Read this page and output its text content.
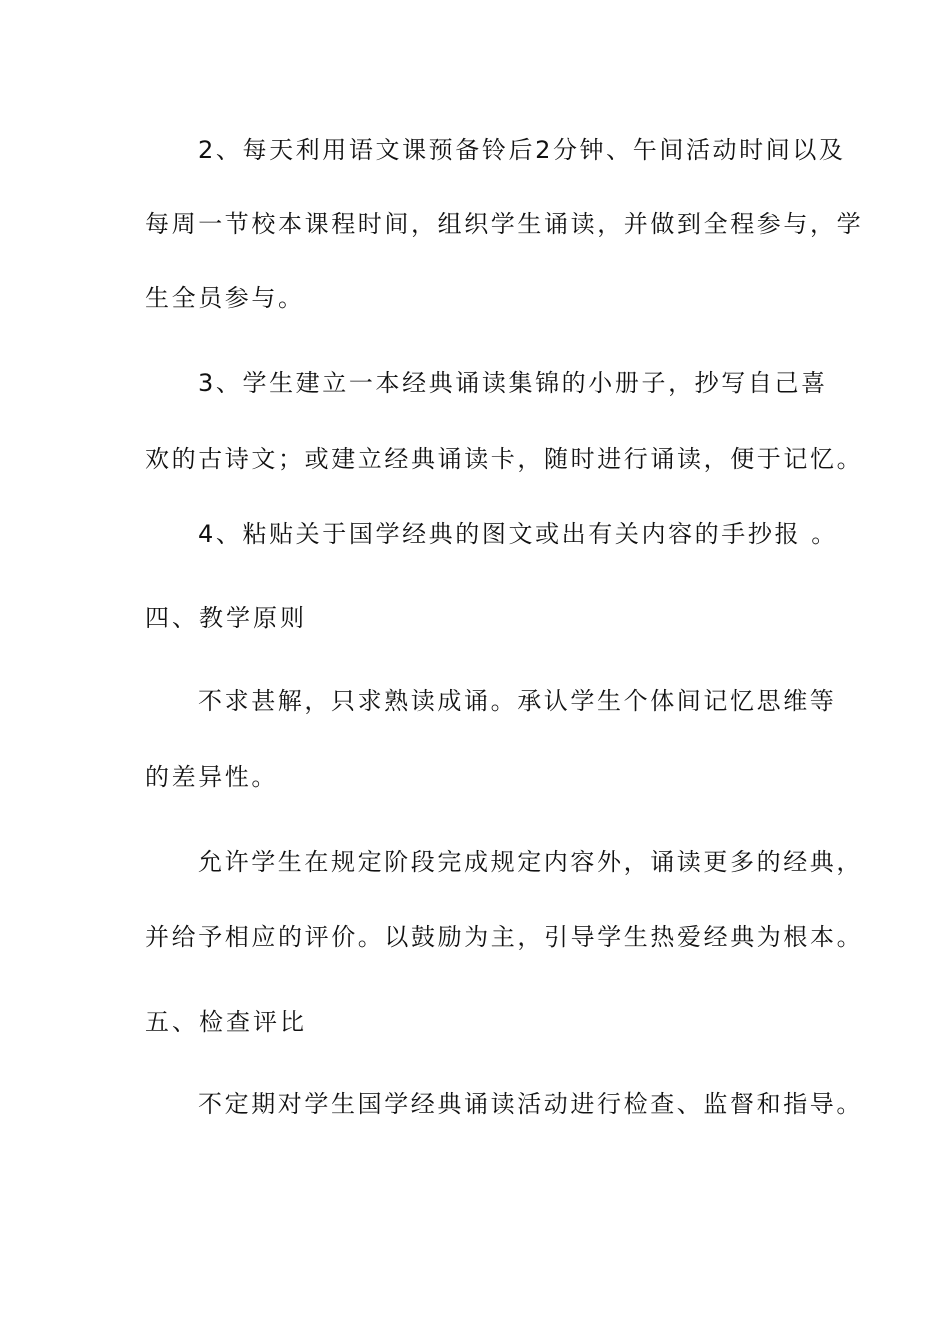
2、每天利用语文课预备铃后2分钟、午间活动时间以及
每周一节校本课程时间，组织学生诵读，并做到全程参与，学
生全员参与。
3、学生建立一本经典诵读集锦的小册子，抄写自己喜
欢的古诗文；或建立经典诵读卡，随时进行诵读，便于记忆。
4、粘贴关于国学经典的图文或出有关内容的手抄报 。
四、教学原则
不求甚解，只求熟读成诵。承认学生个体间记忆思维等
的差异性。
允许学生在规定阶段完成规定内容外，诵读更多的经典，
并给予相应的评价。以鼓励为主，引导学生热爱经典为根本。
五、检查评比
不定期对学生国学经典诵读活动进行检查、监督和指导。
